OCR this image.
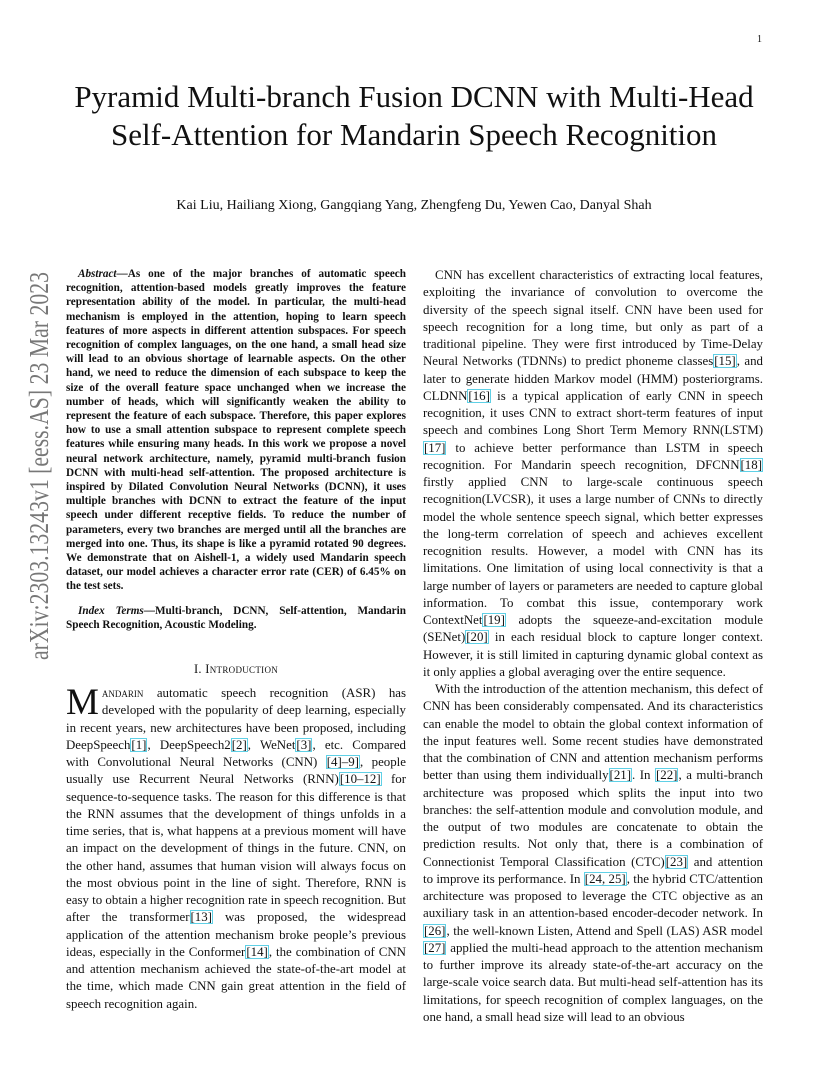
1
arXiv:2303.13243v1 [eess.AS] 23 Mar 2023
Pyramid Multi-branch Fusion DCNN with Multi-Head Self-Attention for Mandarin Speech Recognition
Kai Liu, Hailiang Xiong, Gangqiang Yang, Zhengfeng Du, Yewen Cao, Danyal Shah

Abstract—As one of the major branches of automatic speech recognition, attention-based models greatly improves the feature representation ability of the model. In particular, the multi-head mechanism is employed in the attention, hoping to learn speech features of more aspects in different attention subspaces. For speech recognition of complex languages, on the one hand, a small head size will lead to an obvious shortage of learnable aspects. On the other hand, we need to reduce the dimension of each subspace to keep the size of the overall feature space unchanged when we increase the number of heads, which will significantly weaken the ability to represent the feature of each subspace. Therefore, this paper explores how to use a small attention subspace to represent complete speech features while ensuring many heads. In this work we propose a novel neural network architecture, namely, pyramid multi-branch fusion DCNN with multi-head self-attention. The proposed architecture is inspired by Dilated Convolution Neural Networks (DCNN), it uses multiple branches with DCNN to extract the feature of the input speech under different receptive fields. To reduce the number of parameters, every two branches are merged until all the branches are merged into one. Thus, its shape is like a pyramid rotated 90 degrees. We demonstrate that on Aishell-1, a widely used Mandarin speech dataset, our model achieves a character error rate (CER) of 6.45% on the test sets.

Index Terms—Multi-branch, DCNN, Self-attention, Mandarin Speech Recognition, Acoustic Modeling.

I. Introduction

Mandarin automatic speech recognition (ASR) has developed with the popularity of deep learning, especially in recent years, new architectures have been proposed, including DeepSpeech[1], DeepSpeech2[2], WeNet[3], etc. Compared with Convolutional Neural Networks (CNN) [4]–9], people usually use Recurrent Neural Networks (RNN)[10–12] for sequence-to-sequence tasks. The reason for this difference is that the RNN assumes that the development of things unfolds in a time series, that is, what happens at a previous moment will have an impact on the development of things in the future. CNN, on the other hand, assumes that human vision will always focus on the most obvious point in the line of sight. Therefore, RNN is easy to obtain a higher recognition rate in speech recognition. But after the transformer[13] was proposed, the widespread application of the attention mechanism broke people’s previous ideas, especially in the Conformer[14], the combination of CNN and attention mechanism achieved the state-of-the-art model at the time, which made CNN gain great attention in the field of speech recognition again.

CNN has excellent characteristics of extracting local features, exploiting the invariance of convolution to overcome the diversity of the speech signal itself. CNN have been used for speech recognition for a long time, but only as part of a traditional pipeline. They were first introduced by Time-Delay Neural Networks (TDNNs) to predict phoneme classes[15], and later to generate hidden Markov model (HMM) posteriorgrams. CLDNN[16] is a typical application of early CNN in speech recognition, it uses CNN to extract short-term features of input speech and combines Long Short Term Memory RNN(LSTM)[17] to achieve better performance than LSTM in speech recognition. For Mandarin speech recognition, DFCNN[18] firstly applied CNN to large-scale continuous speech recognition(LVCSR), it uses a large number of CNNs to directly model the whole sentence speech signal, which better expresses the long-term correlation of speech and achieves excellent recognition results. However, a model with CNN has its limitations. One limitation of using local connectivity is that a large number of layers or parameters are needed to capture global information. To combat this issue, contemporary work ContextNet[19] adopts the squeeze-and-excitation module (SENet)[20] in each residual block to capture longer context. However, it is still limited in capturing dynamic global context as it only applies a global averaging over the entire sequence.

With the introduction of the attention mechanism, this defect of CNN has been considerably compensated. And its characteristics can enable the model to obtain the global context information of the input features well. Some recent studies have demonstrated that the combination of CNN and attention mechanism performs better than using them individually[21]. In [22], a multi-branch architecture was proposed which splits the input into two branches: the self-attention module and convolution module, and the output of two modules are concatenate to obtain the prediction results. Not only that, there is a combination of Connectionist Temporal Classification (CTC)[23] and attention to improve its performance. In [24, 25], the hybrid CTC/attention architecture was proposed to leverage the CTC objective as an auxiliary task in an attention-based encoder-decoder network. In [26], the well-known Listen, Attend and Spell (LAS) ASR model [27] applied the multi-head approach to the attention mechanism to further improve its already state-of-the-art accuracy on the large-scale voice search data. But multi-head self-attention has its limitations, for speech recognition of complex languages, on the one hand, a small head size will lead to an obvious
